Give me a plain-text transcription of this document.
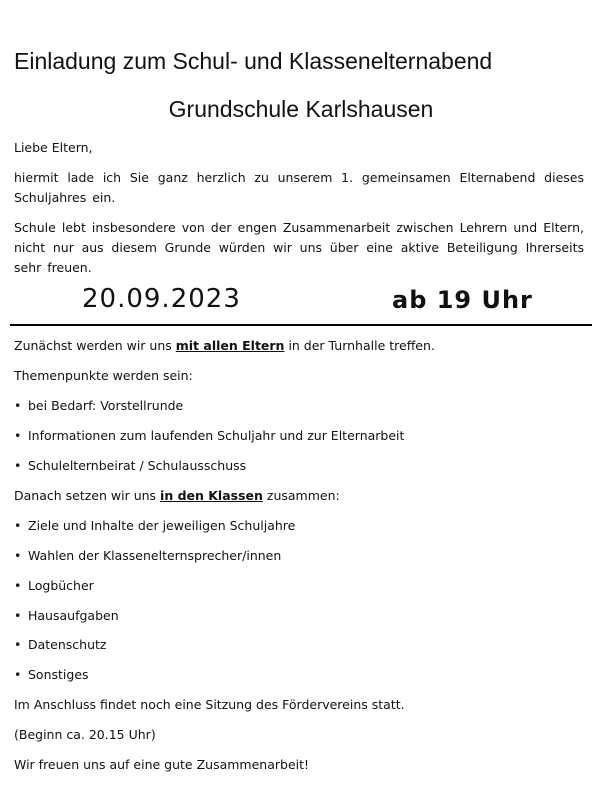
Einladung zum Schul- und Klassenelternabend
Grundschule Karlshausen
Liebe Eltern,
hiermit lade ich Sie ganz herzlich zu unserem 1. gemeinsamen Elternabend dieses Schuljahres ein.
Schule lebt insbesondere von der engen Zusammenarbeit zwischen Lehrern und Eltern, nicht nur aus diesem Grunde würden wir uns über eine aktive Beteiligung Ihrerseits sehr freuen.
20.09.2023	ab 19 Uhr
Zunächst werden wir uns mit allen Eltern in der Turnhalle treffen.
Themenpunkte werden sein:
• bei Bedarf: Vorstellrunde
• Informationen zum laufenden Schuljahr und zur Elternarbeit
• Schulelternbeirat / Schulausschuss
Danach setzen wir uns in den Klassen zusammen:
• Ziele und Inhalte der jeweiligen Schuljahre
• Wahlen der Klassenelternsprecher/innen
• Logbücher
• Hausaufgaben
• Datenschutz
• Sonstiges
Im Anschluss findet noch eine Sitzung des Fördervereins statt.
(Beginn ca. 20.15 Uhr)
Wir freuen uns auf eine gute Zusammenarbeit!
